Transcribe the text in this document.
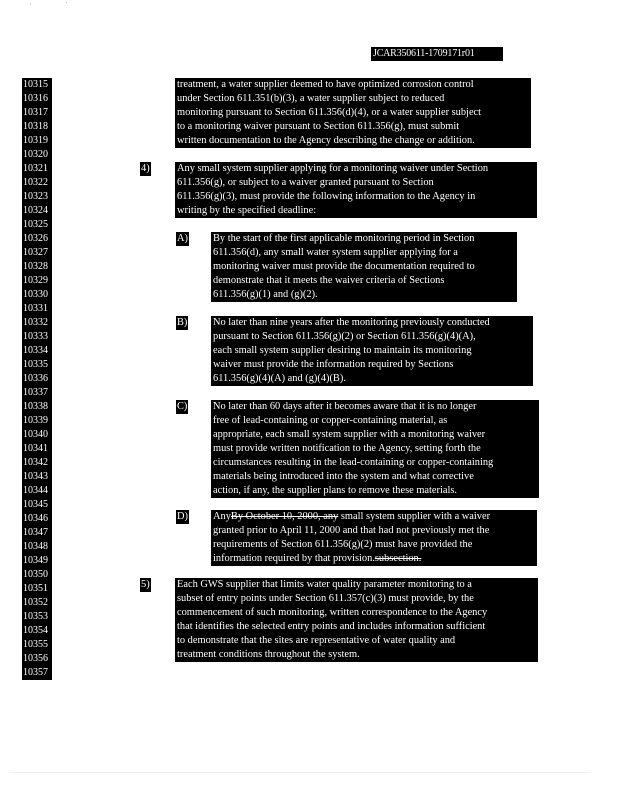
JCAR350611-1709171r01
10315
10316
10317
10318
10319
10320
10321
10322
10323
10324
10325
10326
10327
10328
10329
10330
10331
10332
10333
10334
10335
10336
10337
10338
10339
10340
10341
10342
10343
10344
10345
10346
10347
10348
10349
10350
10351
10352
10353
10354
10355
10356
10357
treatment, a water supplier deemed to have optimized corrosion control
under Section 611.351(b)(3), a water supplier subject to reduced
monitoring pursuant to Section 611.356(d)(4), or a water supplier subject
to a monitoring waiver pursuant to Section 611.356(g), must submit
written documentation to the Agency describing the change or addition.
4)	Any small system supplier applying for a monitoring waiver under Section
611.356(g), or subject to a waiver granted pursuant to Section
611.356(g)(3), must provide the following information to the Agency in
writing by the specified deadline:
A) By the start of the first applicable monitoring period in Section
611.356(d), any small water system supplier applying for a
monitoring waiver must provide the documentation required to
demonstrate that it meets the waiver criteria of Sections
611.356(g)(1) and (g)(2).
B) No later than nine years after the monitoring previously conducted
pursuant to Section 611.356(g)(2) or Section 611.356(g)(4)(A),
each small system supplier desiring to maintain its monitoring
waiver must provide the information required by Sections
611.356(g)(4)(A) and (g)(4)(B).
C) No later than 60 days after it becomes aware that it is no longer
free of lead-containing or copper-containing material, as
appropriate, each small system supplier with a monitoring waiver
must provide written notification to the Agency, setting forth the
circumstances resulting in the lead-containing or copper-containing
materials being introduced into the system and what corrective
action, if any, the supplier plans to remove these materials.
D) AnyBy October 10, 2000, any small system supplier with a waiver
granted prior to April 11, 2000 and that had not previously met the
requirements of Section 611.356(g)(2) must have provided the
information required by that provision.subsection.
5)	Each GWS supplier that limits water quality parameter monitoring to a
subset of entry points under Section 611.357(c)(3) must provide, by the
commencement of such monitoring, written correspondence to the Agency
that identifies the selected entry points and includes information sufficient
to demonstrate that the sites are representative of water quality and
treatment conditions throughout the system.
